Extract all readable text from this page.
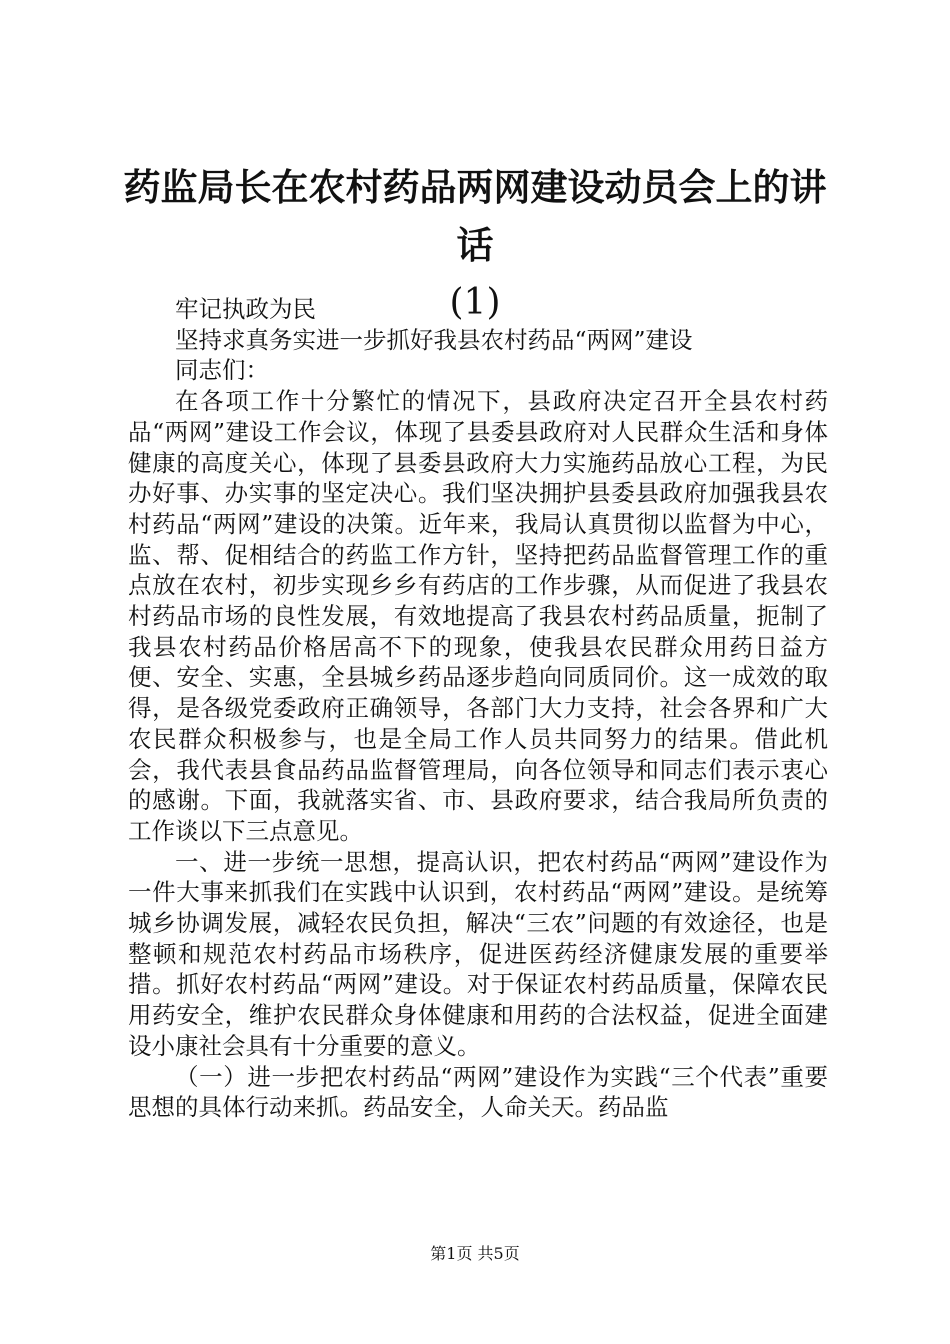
药监局长在农村药品两网建设动员会上的讲话
(1)

牢记执政为民

坚持求真务实进一步抓好我县农村药品“两网”建设

同志们：

在各项工作十分繁忙的情况下，县政府决定召开全县农村药品“两网”建设工作会议，体现了县委县政府对人民群众生活和身体健康的高度关心，体现了县委县政府大力实施药品放心工程，为民办好事、办实事的坚定决心。我们坚决拥护县委县政府加强我县农村药品“两网”建设的决策。近年来，我局认真贯彻以监督为中心，监、帮、促相结合的药监工作方针，坚持把药品监督管理工作的重点放在农村，初步实现乡乡有药店的工作步骤，从而促进了我县农村药品市场的良性发展，有效地提高了我县农村药品质量，扼制了我县农村药品价格居高不下的现象，使我县农民群众用药日益方便、安全、实惠，全县城乡药品逐步趋向同质同价。这一成效的取得，是各级党委政府正确领导，各部门大力支持，社会各界和广大农民群众积极参与，也是全局工作人员共同努力的结果。借此机会，我代表县食品药品监督管理局，向各位领导和同志们表示衷心的感谢。下面，我就落实省、市、县政府要求，结合我局所负责的工作谈以下三点意见。

一、进一步统一思想，提高认识，把农村药品“两网”建设作为一件大事来抓我们在实践中认识到，农村药品“两网”建设。是统筹城乡协调发展，减轻农民负担，解决“三农”问题的有效途径，也是整顿和规范农村药品市场秩序，促进医药经济健康发展的重要举措。抓好农村药品“两网”建设。对于保证农村药品质量，保障农民用药安全，维护农民群众身体健康和用药的合法权益，促进全面建设小康社会具有十分重要的意义。

（一）进一步把农村药品“两网”建设作为实践“三个代表”重要思想的具体行动来抓。药品安全，人命关天。药品监

第1页 共5页
